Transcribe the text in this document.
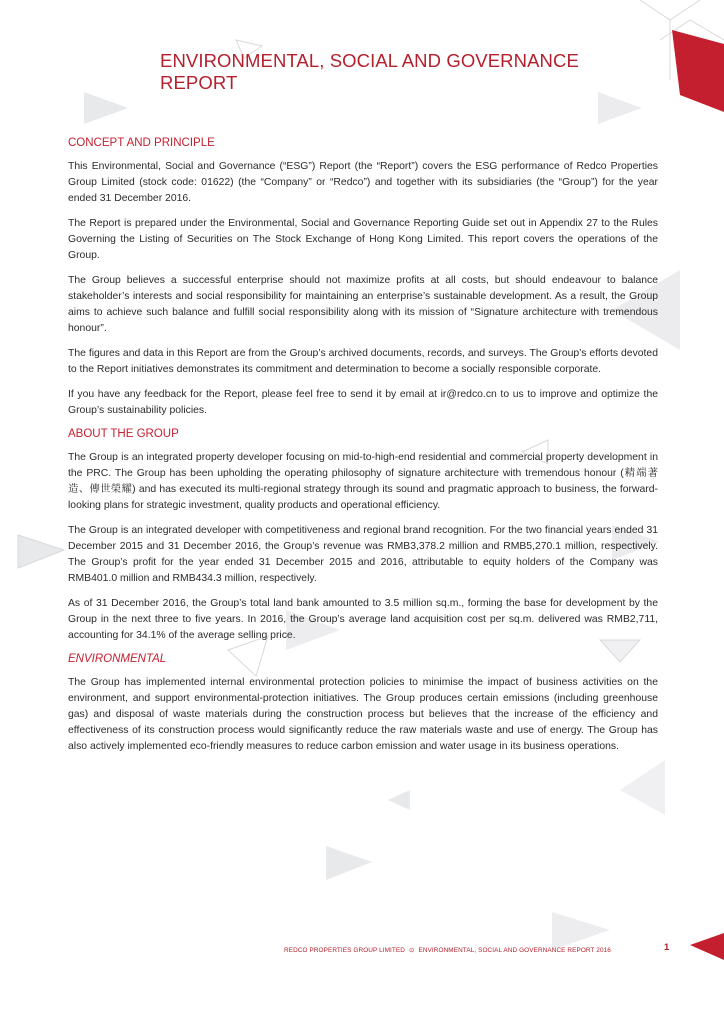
ENVIRONMENTAL, SOCIAL AND GOVERNANCE REPORT
CONCEPT AND PRINCIPLE

This Environmental, Social and Governance (“ESG”) Report (the “Report”) covers the ESG performance of Redco Properties Group Limited (stock code: 01622) (the “Company” or “Redco”) and together with its subsidiaries (the “Group”) for the year ended 31 December 2016.

The Report is prepared under the Environmental, Social and Governance Reporting Guide set out in Appendix 27 to the Rules Governing the Listing of Securities on The Stock Exchange of Hong Kong Limited. This report covers the operations of the Group.

The Group believes a successful enterprise should not maximize profits at all costs, but should endeavour to balance stakeholder’s interests and social responsibility for maintaining an enterprise’s sustainable development. As a result, the Group aims to achieve such balance and fulfill social responsibility along with its mission of “Signature architecture with tremendous honour”.

The figures and data in this Report are from the Group’s archived documents, records, and surveys. The Group’s efforts devoted to the Report initiatives demonstrates its commitment and determination to become a socially responsible corporate.

If you have any feedback for the Report, please feel free to send it by email at ir@redco.cn to us to improve and optimize the Group’s sustainability policies.

ABOUT THE GROUP

The Group is an integrated property developer focusing on mid-to-high-end residential and commercial property development in the PRC. The Group has been upholding the operating philosophy of signature architecture with tremendous honour (精端著造、傳世榮耀) and has executed its multi-regional strategy through its sound and pragmatic approach to business, the forward-looking plans for strategic investment, quality products and operational efficiency.

The Group is an integrated developer with competitiveness and regional brand recognition. For the two financial years ended 31 December 2015 and 31 December 2016, the Group’s revenue was RMB3,378.2 million and RMB5,270.1 million, respectively. The Group’s profit for the year ended 31 December 2015 and 2016, attributable to equity holders of the Company was RMB401.0 million and RMB434.3 million, respectively.

As of 31 December 2016, the Group’s total land bank amounted to 3.5 million sq.m., forming the base for development by the Group in the next three to five years. In 2016, the Group’s average land acquisition cost per sq.m. delivered was RMB2,711, accounting for 34.1% of the average selling price.

ENVIRONMENTAL

The Group has implemented internal environmental protection policies to minimise the impact of business activities on the environment, and support environmental-protection initiatives. The Group produces certain emissions (including greenhouse gas) and disposal of waste materials during the construction process but believes that the increase of the efficiency and effectiveness of its construction process would significantly reduce the raw materials waste and use of energy. The Group has also actively implemented eco-friendly measures to reduce carbon emission and water usage in its business operations.

REDCO PROPERTIES GROUP LIMITED ⊙ ENVIRONMENTAL, SOCIAL AND GOVERNANCE REPORT 2016	1
